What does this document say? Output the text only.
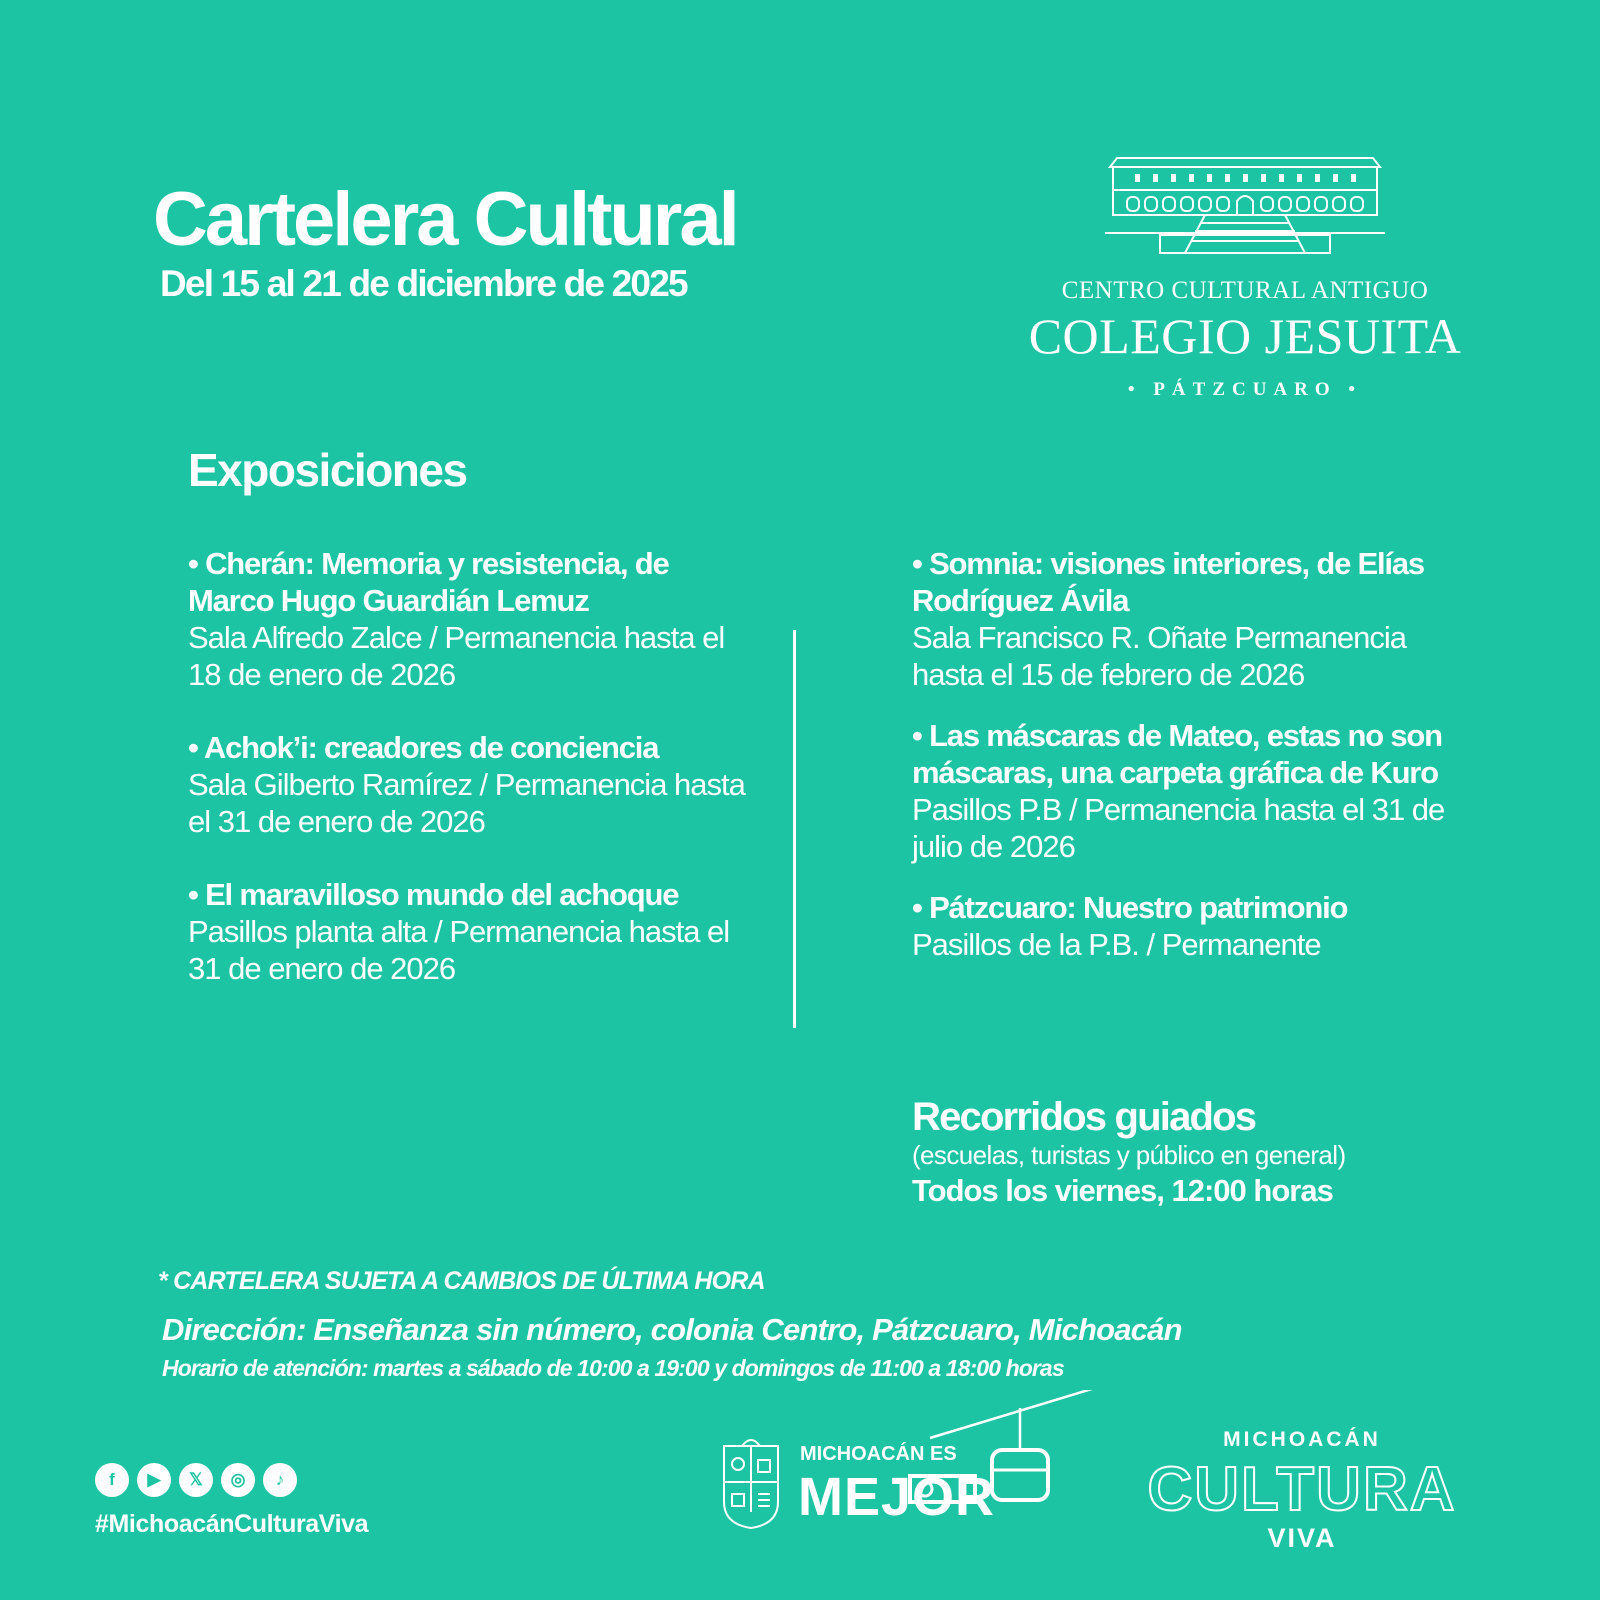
Cartelera Cultural
Del 15 al 21 de diciembre de 2025	CENTRO CULTURAL ANTIGUO
COLEGIO JESUITA
• PÁTZCUARO •
Exposiciones
• Cherán: Memoria y resistencia, de Marco Hugo Guardián Lemuz
Sala Alfredo Zalce / Permanencia hasta el 18 de enero de 2026
• Achok’i: creadores de conciencia
Sala Gilberto Ramírez / Permanencia hasta el 31 de enero de 2026
• El maravilloso mundo del achoque
Pasillos planta alta / Permanencia hasta el 31 de enero de 2026
• Somnia: visiones interiores, de Elías Rodríguez Ávila
Sala Francisco R. Oñate Permanencia hasta el 15 de febrero de 2026
• Las máscaras de Mateo, estas no son máscaras, una carpeta gráfica de Kuro
Pasillos P.B / Permanencia hasta el 31 de julio de 2026
• Pátzcuaro: Nuestro patrimonio
Pasillos de la P.B. / Permanente
Recorridos guiados
(escuelas, turistas y público en general)
Todos los viernes, 12:00 horas
* CARTELERA SUJETA A CAMBIOS DE ÚLTIMA HORA
Dirección: Enseñanza sin número, colonia Centro, Pátzcuaro, Michoacán
Horario de atención: martes a sábado de 10:00 a 19:00 y domingos de 11:00 a 18:00 horas
f	▶	𝕏	◎	♪
#MichoacánCulturaViva
MICHOACÁN ES
MEJOR
MICHOACÁN
CULTURA
VIVA
